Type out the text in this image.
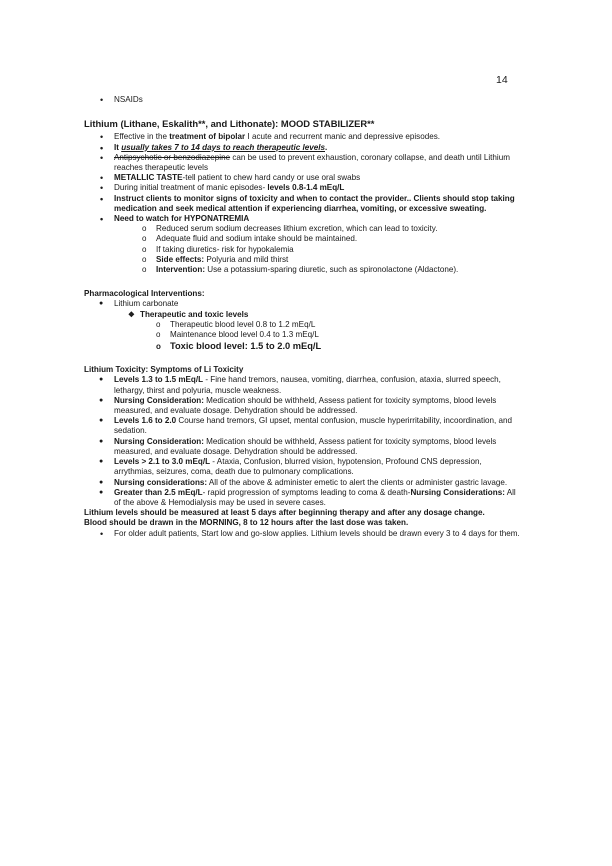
14
• NSAIDs
Lithium (Lithane, Eskalith**, and Lithonate): MOOD STABILIZER**
• Effective in the treatment of bipolar I acute and recurrent manic and depressive episodes.
• It usually takes 7 to 14 days to reach therapeutic levels.
• Antipsychotic or benzodiazepine can be used to prevent exhaustion, coronary collapse, and death until Lithium reaches therapeutic levels
• METALLIC TASTE-tell patient to chew hard candy or use oral swabs
• During initial treatment of manic episodes- levels 0.8-1.4 mEq/L
• Instruct clients to monitor signs of toxicity and when to contact the provider.. Clients should stop taking medication and seek medical attention if experiencing diarrhea, vomiting, or excessive sweating.
• Need to watch for HYPONATREMIA
o Reduced serum sodium decreases lithium excretion, which can lead to toxicity.
o Adequate fluid and sodium intake should be maintained.
o If taking diuretics- risk for hypokalemia
o Side effects: Polyuria and mild thirst
o Intervention: Use a potassium-sparing diuretic, such as spironolactone (Aldactone).
Pharmacological Interventions:
● Lithium carbonate
❖ Therapeutic and toxic levels
o Therapeutic blood level 0.8 to 1.2 mEq/L
o Maintenance blood level 0.4 to 1.3 mEq/L
o Toxic blood level: 1.5 to 2.0 mEq/L
Lithium Toxicity: Symptoms of Li Toxicity
● Levels 1.3 to 1.5 mEq/L - Fine hand tremors, nausea, vomiting, diarrhea, confusion, ataxia, slurred speech, lethargy, thirst and polyuria, muscle weakness.
● Nursing Consideration: Medication should be withheld, Assess patient for toxicity symptoms, blood levels measured, and evaluate dosage. Dehydration should be addressed.
● Levels 1.6 to 2.0 Course hand tremors, GI upset, mental confusion, muscle hyperirritability, incoordination, and sedation.
● Nursing Consideration: Medication should be withheld, Assess patient for toxicity symptoms, blood levels measured, and evaluate dosage. Dehydration should be addressed.
● Levels > 2.1 to 3.0 mEq/L - Ataxia, Confusion, blurred vision, hypotension, Profound CNS depression, arrythmias, seizures, coma, death due to pulmonary complications.
● Nursing considerations: All of the above & administer emetic to alert the clients or administer gastric lavage.
● Greater than 2.5 mEq/L- rapid progression of symptoms leading to coma & death-Nursing Considerations: All of the above & Hemodialysis may be used in severe cases.
Lithium levels should be measured at least 5 days after beginning therapy and after any dosage change.
Blood should be drawn in the MORNING, 8 to 12 hours after the last dose was taken.
• For older adult patients, Start low and go-slow applies. Lithium levels should be drawn every 3 to 4 days for them.
